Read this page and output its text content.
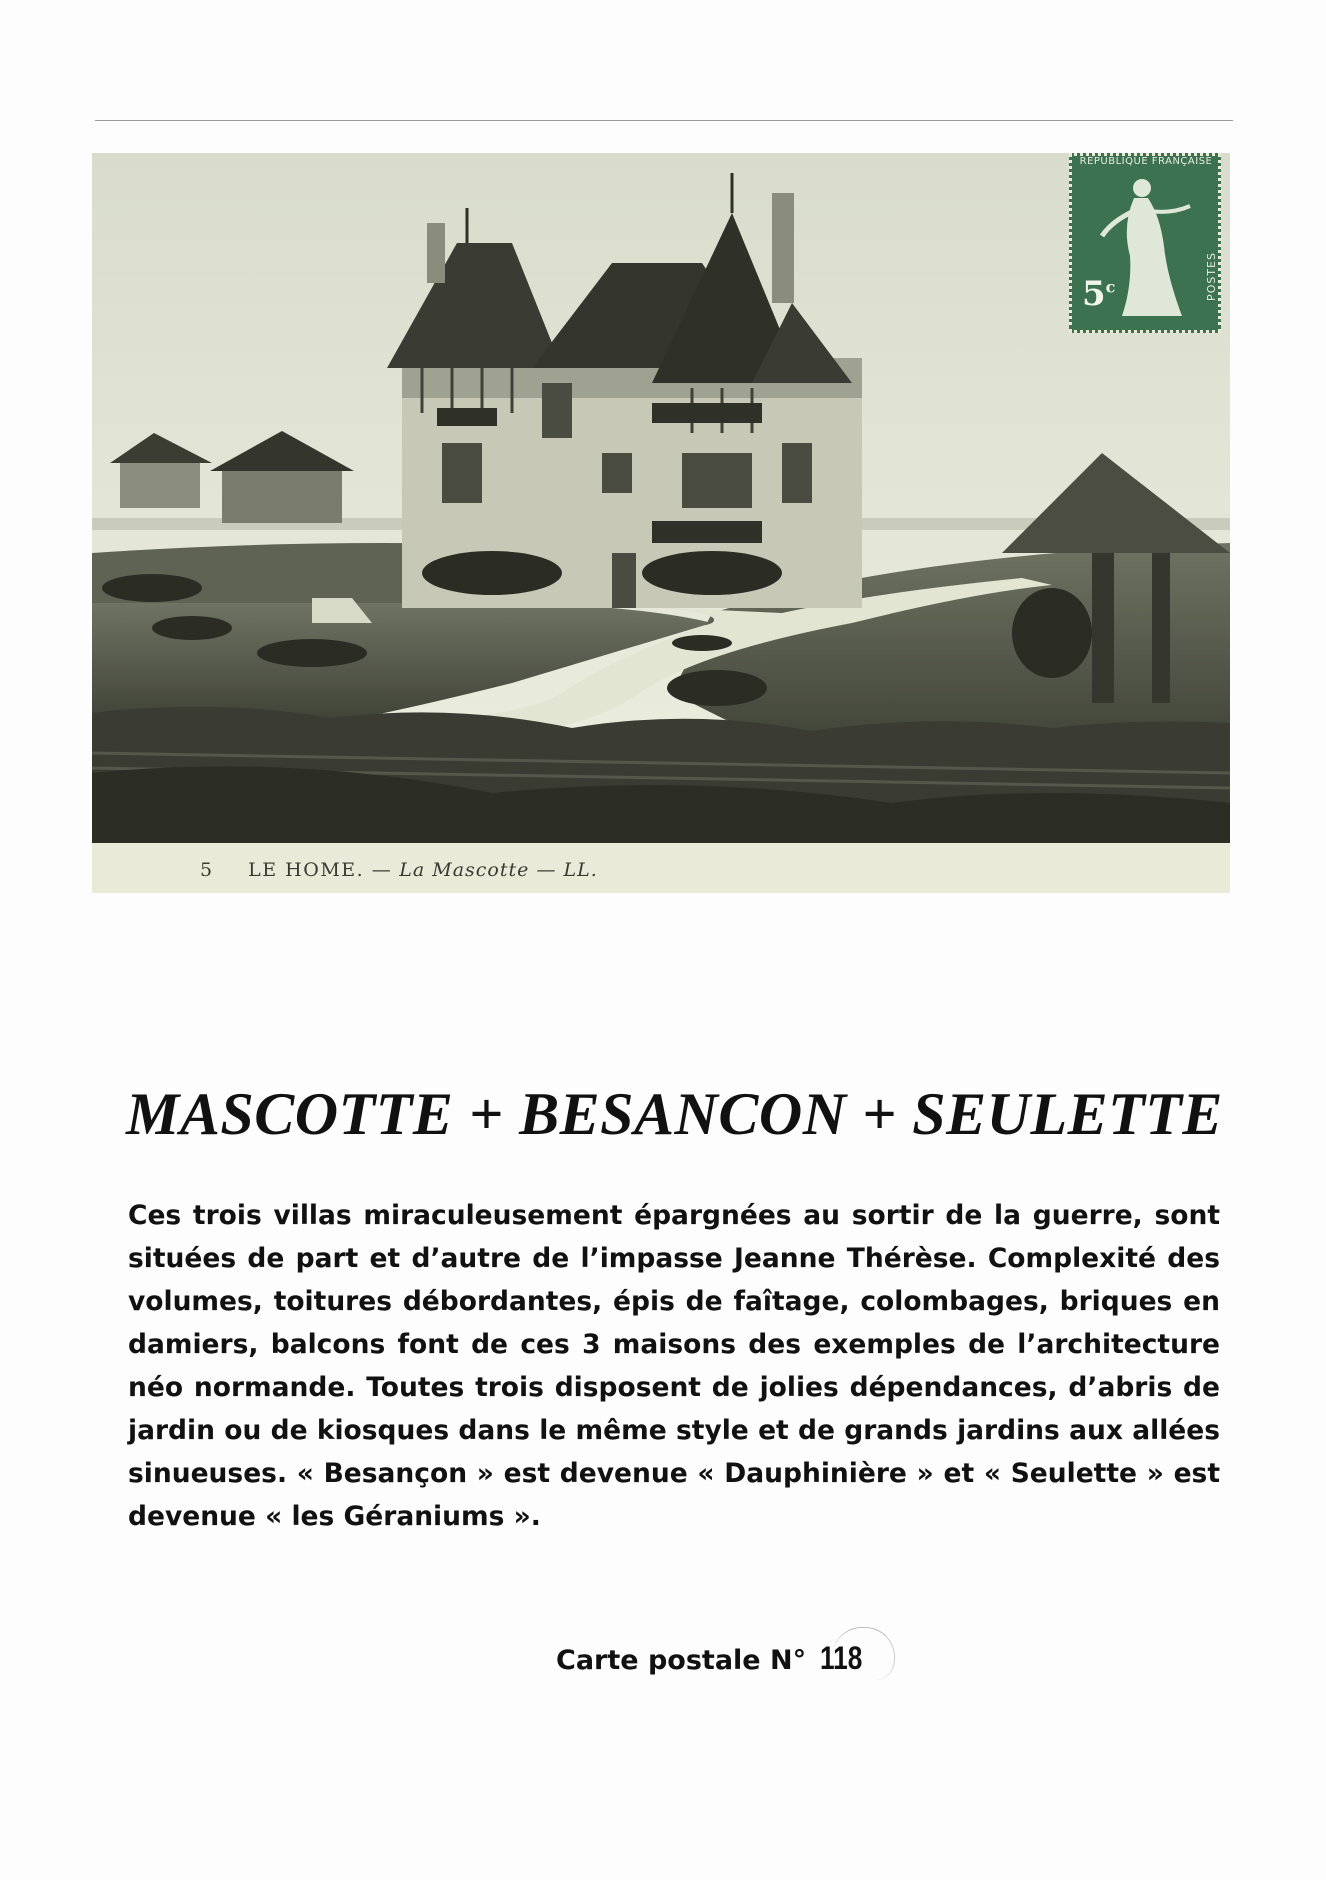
5 LE HOME. — La Mascotte — LL.
RÉPUBLIQUE FRANÇAISE
5$^c$	POSTES
MASCOTTE + BESANCON + SEULETTE
Ces trois villas miraculeusement épargnées au sortir de la guerre, sont situées de part et d’autre de l’impasse Jeanne Thérèse. Complexité des volumes, toitures débordantes, épis de faîtage, colombages, briques en damiers, balcons font de ces 3 maisons des exemples de l’architecture néo normande. Toutes trois disposent de jolies dépendances, d’abris de jardin ou de kiosques dans le même style et de grands jardins aux allées sinueuses. « Besançon » est devenue « Dauphinière » et « Seulette » est devenue « les Géraniums ».
Carte postale N° 118
